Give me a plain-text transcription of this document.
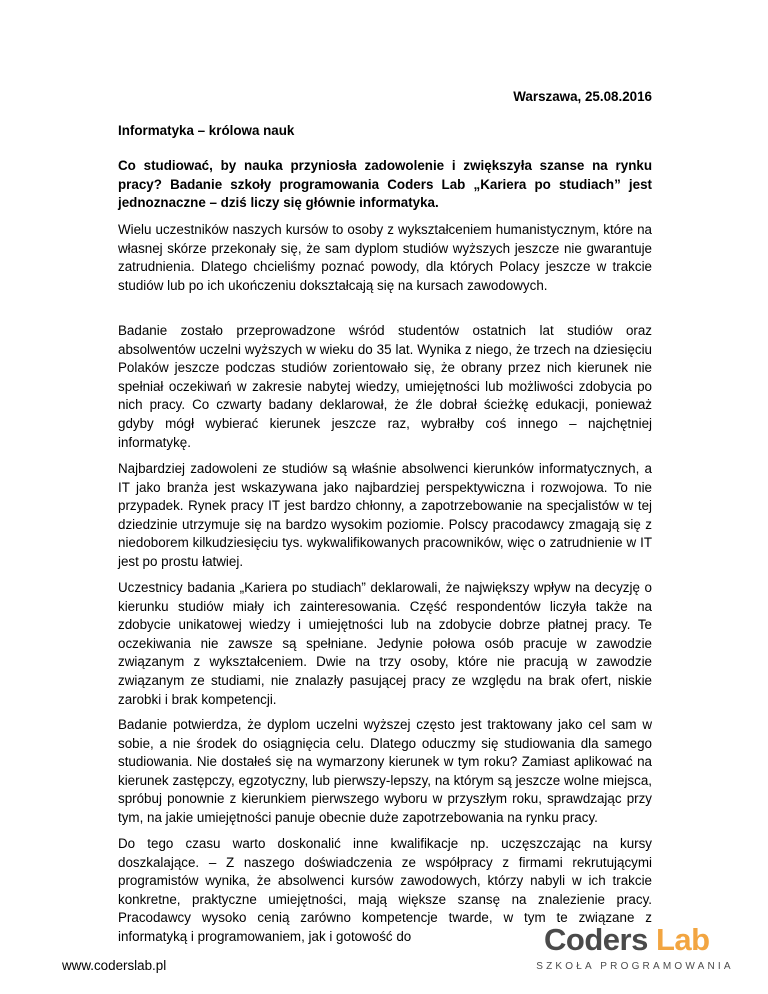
Warszawa, 25.08.2016
Informatyka – królowa nauk
Co studiować, by nauka przyniosła zadowolenie i zwiększyła szanse na rynku pracy? Badanie szkoły programowania Coders Lab „Kariera po studiach” jest jednoznaczne – dziś liczy się głównie informatyka.

Wielu uczestników naszych kursów to osoby z wykształceniem humanistycznym, które na własnej skórze przekonały się, że sam dyplom studiów wyższych jeszcze nie gwarantuje zatrudnienia. Dlatego chcieliśmy poznać powody, dla których Polacy jeszcze w trakcie studiów lub po ich ukończeniu dokształcają się na kursach zawodowych.

Badanie zostało przeprowadzone wśród studentów ostatnich lat studiów oraz absolwentów uczelni wyższych w wieku do 35 lat. Wynika z niego, że trzech na dziesięciu Polaków jeszcze podczas studiów zorientowało się, że obrany przez nich kierunek nie spełniał oczekiwań w zakresie nabytej wiedzy, umiejętności lub możliwości zdobycia po nich pracy. Co czwarty badany deklarował, że źle dobrał ścieżkę edukacji, ponieważ gdyby mógł wybierać kierunek jeszcze raz, wybrałby coś innego – najchętniej informatykę.

Najbardziej zadowoleni ze studiów są właśnie absolwenci kierunków informatycznych, a IT jako branża jest wskazywana jako najbardziej perspektywiczna i rozwojowa. To nie przypadek. Rynek pracy IT jest bardzo chłonny, a zapotrzebowanie na specjalistów w tej dziedzinie utrzymuje się na bardzo wysokim poziomie. Polscy pracodawcy zmagają się z niedoborem kilkudziesięciu tys. wykwalifikowanych pracowników, więc o zatrudnienie w IT jest po prostu łatwiej.

Uczestnicy badania „Kariera po studiach” deklarowali, że największy wpływ na decyzję o kierunku studiów miały ich zainteresowania. Część respondentów liczyła także na zdobycie unikatowej wiedzy i umiejętności lub na zdobycie dobrze płatnej pracy. Te oczekiwania nie zawsze są spełniane. Jedynie połowa osób pracuje w zawodzie związanym z wykształceniem. Dwie na trzy osoby, które nie pracują w zawodzie związanym ze studiami, nie znalazły pasującej pracy ze względu na brak ofert, niskie zarobki i brak kompetencji.

Badanie potwierdza, że dyplom uczelni wyższej często jest traktowany jako cel sam w sobie, a nie środek do osiągnięcia celu. Dlatego oduczmy się studiowania dla samego studiowania. Nie dostałeś się na wymarzony kierunek w tym roku? Zamiast aplikować na kierunek zastępczy, egzotyczny, lub pierwszy-lepszy, na którym są jeszcze wolne miejsca, spróbuj ponownie z kierunkiem pierwszego wyboru w przyszłym roku, sprawdzając przy tym, na jakie umiejętności panuje obecnie duże zapotrzebowania na rynku pracy.

Do tego czasu warto doskonalić inne kwalifikacje np. uczęszczając na kursy doszkalające. – Z naszego doświadczenia ze współpracy z firmami rekrutującymi programistów wynika, że absolwenci kursów zawodowych, którzy nabyli w ich trakcie konkretne, praktyczne umiejętności, mają większe szansę na znalezienie pracy. Pracodawcy wysoko cenią zarówno kompetencje twarde, w tym te związane z informatyką i programowaniem, jak i gotowość do

www.coderslab.pl
Coders Lab
SZKOŁA PROGRAMOWANIA
